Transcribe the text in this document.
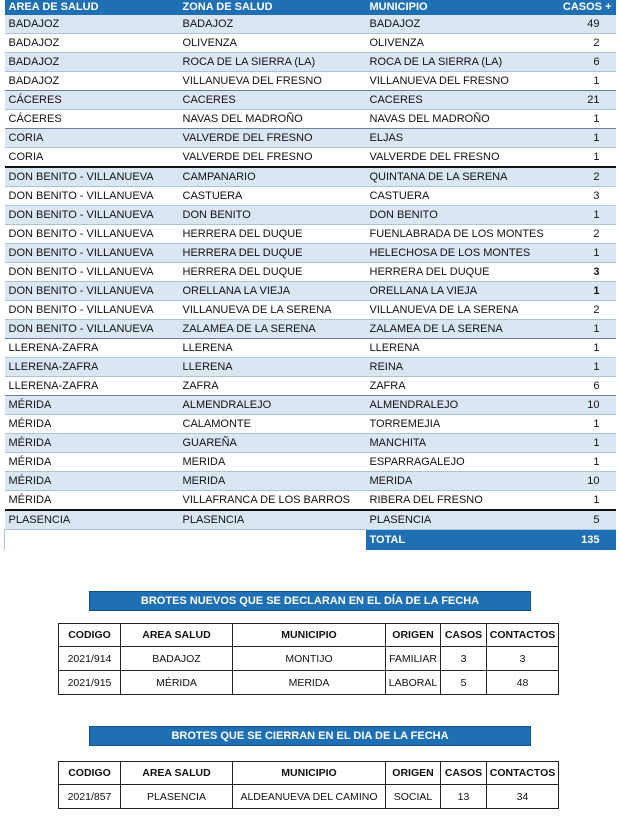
AREA DE SALUD	ZONA DE SALUD	MUNICIPIO	CASOS +
BADAJOZ	BADAJOZ	BADAJOZ	49
BADAJOZ	OLIVENZA	OLIVENZA	2
BADAJOZ	ROCA DE LA SIERRA (LA)	ROCA DE LA SIERRA (LA)	6
BADAJOZ	VILLANUEVA DEL FRESNO	VILLANUEVA DEL FRESNO	1
CÁCERES	CACERES	CACERES	21
CÁCERES	NAVAS DEL MADROÑO	NAVAS DEL MADROÑO	1
CORIA	VALVERDE DEL FRESNO	ELJAS	1
CORIA	VALVERDE DEL FRESNO	VALVERDE DEL FRESNO	1
DON BENITO - VILLANUEVA	CAMPANARIO	QUINTANA DE LA SERENA	2
DON BENITO - VILLANUEVA	CASTUERA	CASTUERA	3
DON BENITO - VILLANUEVA	DON BENITO	DON BENITO	1
DON BENITO - VILLANUEVA	HERRERA DEL DUQUE	FUENLABRADA DE LOS MONTES	2
DON BENITO - VILLANUEVA	HERRERA DEL DUQUE	HELECHOSA DE LOS MONTES	1
DON BENITO - VILLANUEVA	HERRERA DEL DUQUE	HERRERA DEL DUQUE	3
DON BENITO - VILLANUEVA	ORELLANA LA VIEJA	ORELLANA LA VIEJA	1
DON BENITO - VILLANUEVA	VILLANUEVA DE LA SERENA	VILLANUEVA DE LA SERENA	2
DON BENITO - VILLANUEVA	ZALAMEA DE LA SERENA	ZALAMEA DE LA SERENA	1
LLERENA-ZAFRA	LLERENA	LLERENA	1
LLERENA-ZAFRA	LLERENA	REINA	1
LLERENA-ZAFRA	ZAFRA	ZAFRA	6
MÉRIDA	ALMENDRALEJO	ALMENDRALEJO	10
MÉRIDA	CALAMONTE	TORREMEJIA	1
MÉRIDA	GUAREÑA	MANCHITA	1
MÉRIDA	MERIDA	ESPARRAGALEJO	1
MÉRIDA	MERIDA	MERIDA	10
MÉRIDA	VILLAFRANCA DE LOS BARROS	RIBERA DEL FRESNO	1
PLASENCIA	PLASENCIA	PLASENCIA	5
		TOTAL	135
BROTES NUEVOS QUE SE DECLARAN EN EL DÍA DE LA FECHA
CODIGO	AREA SALUD	MUNICIPIO	ORIGEN	CASOS	CONTACTOS
2021/914	BADAJOZ	MONTIJO	FAMILIAR	3	3
2021/915	MÉRIDA	MERIDA	LABORAL	5	48
BROTES QUE SE CIERRAN EN EL DIA DE LA FECHA
CODIGO	AREA SALUD	MUNICIPIO	ORIGEN	CASOS	CONTACTOS
2021/857	PLASENCIA	ALDEANUEVA DEL CAMINO	SOCIAL	13	34
